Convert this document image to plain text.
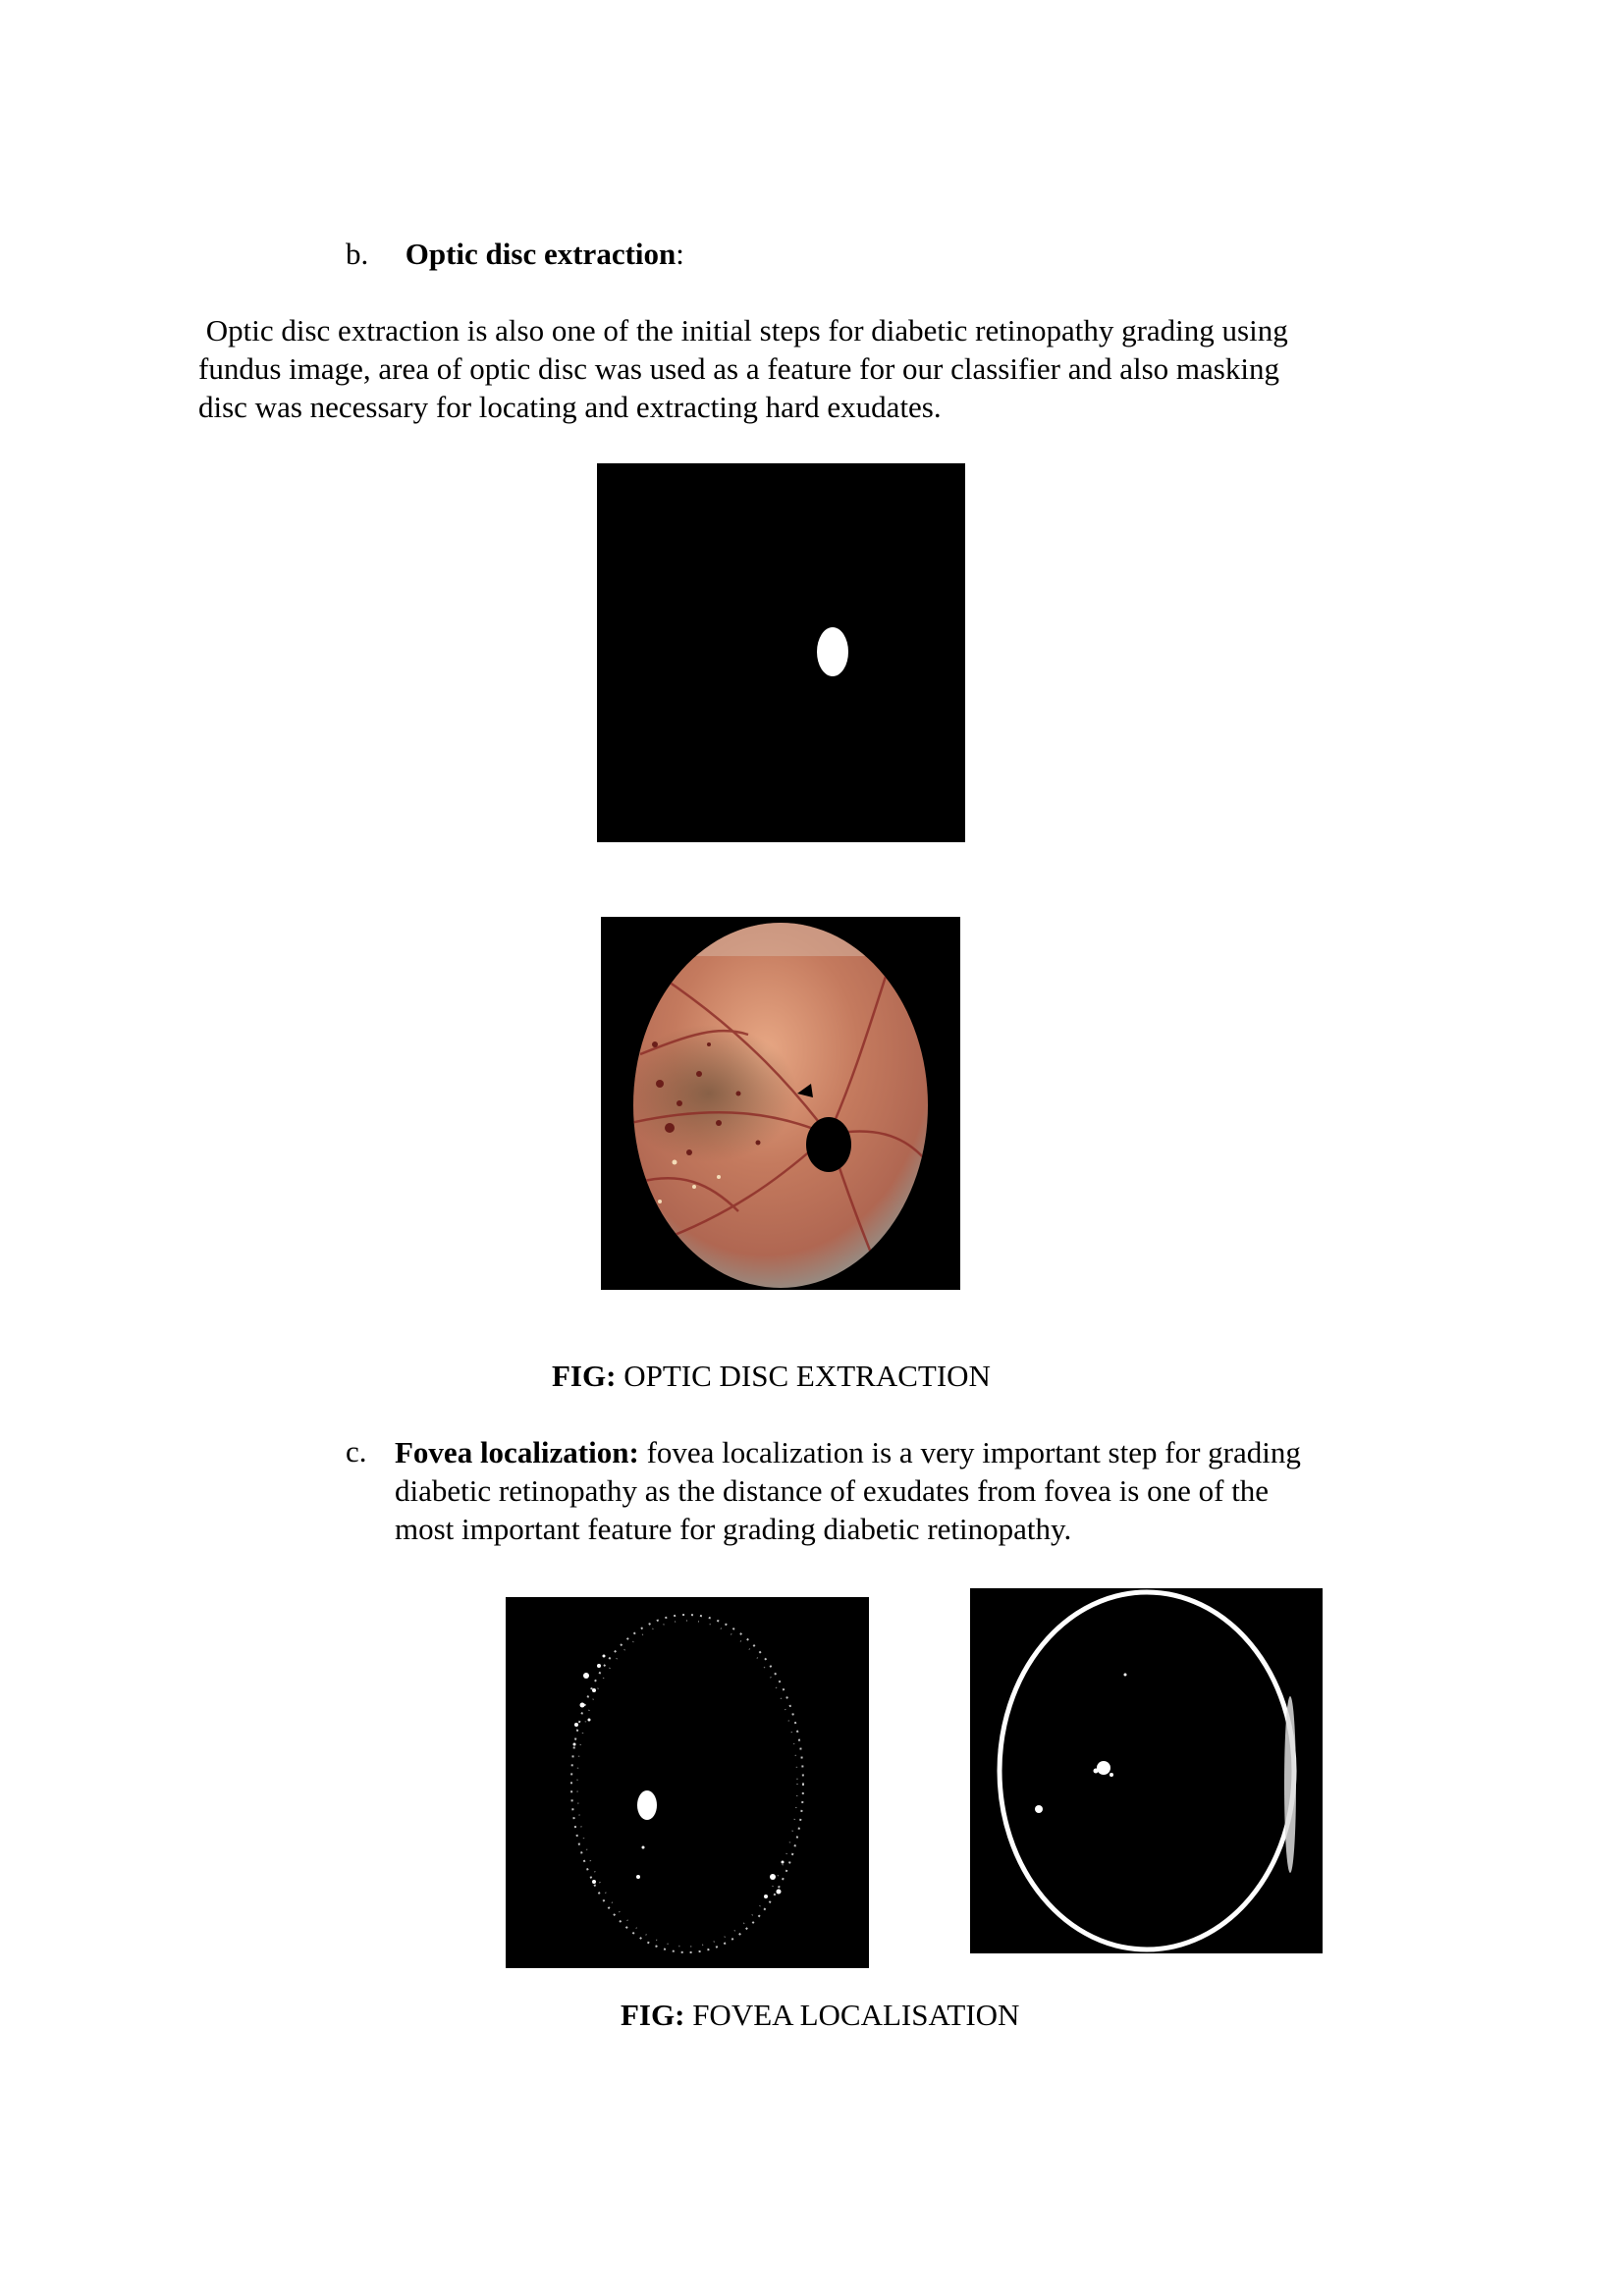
b. Optic disc extraction:

Optic disc extraction is also one of the initial steps for diabetic retinopathy grading using

fundus image, area of optic disc was used as a feature for our classifier and also masking

disc was necessary for locating and extracting hard exudates.

FIG: OPTIC DISC EXTRACTION
c. Fovea localization: fovea localization is a very important step for grading

diabetic retinopathy as the distance of exudates from fovea is one of the

most important feature for grading diabetic retinopathy.

FIG: FOVEA LOCALISATION
